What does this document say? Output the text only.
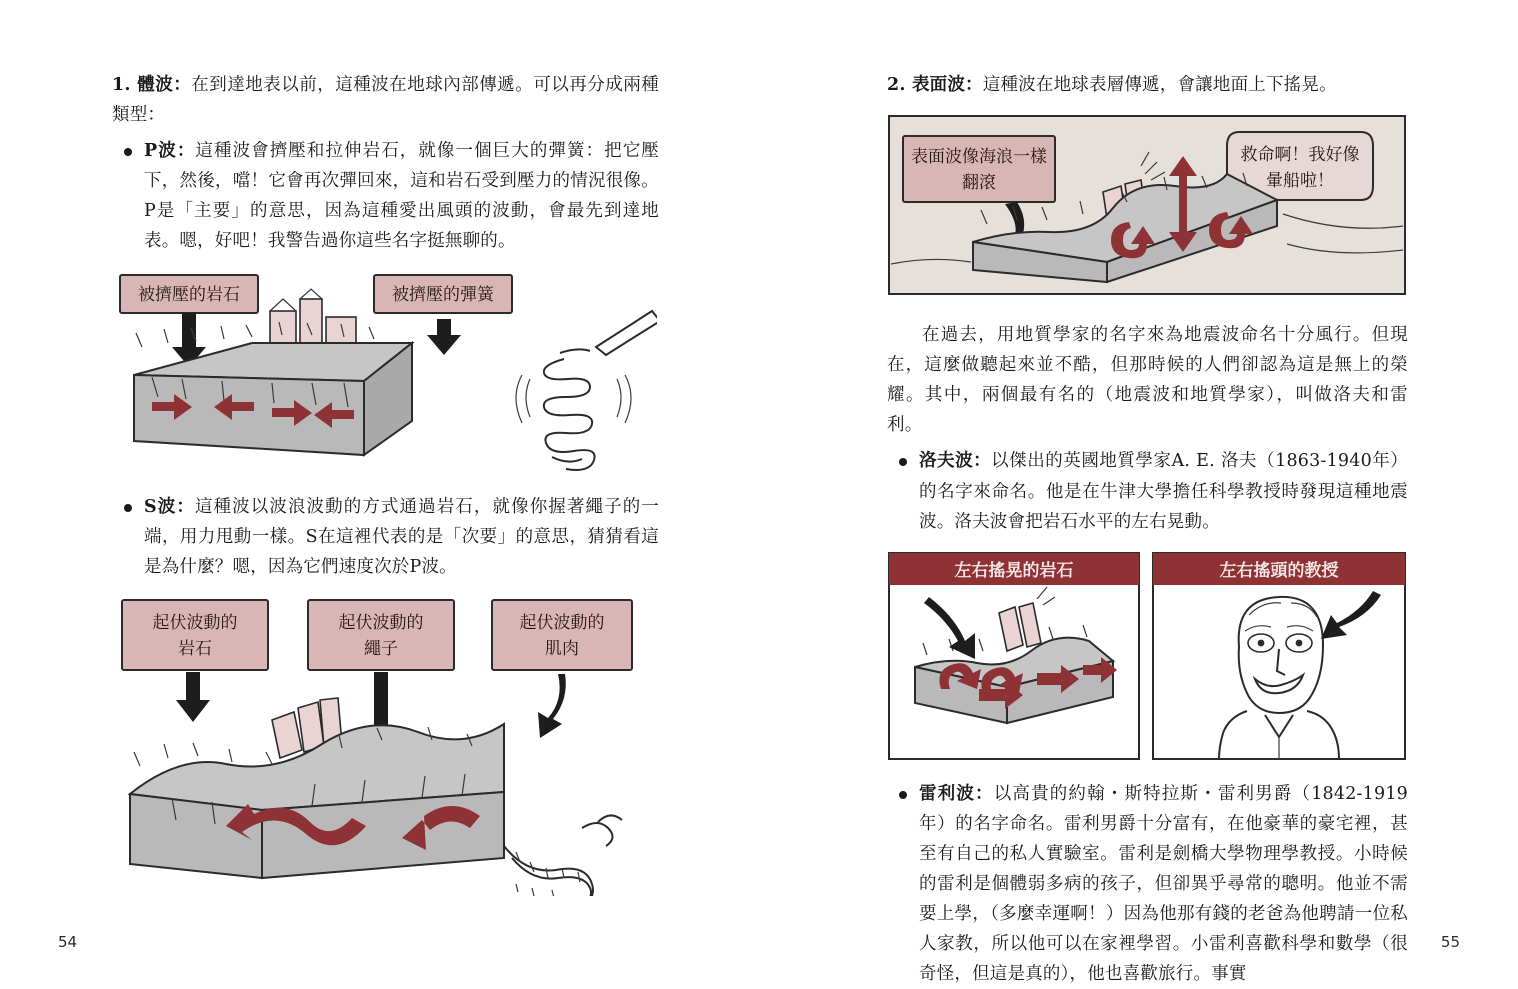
1. 體波：在到達地表以前，這種波在地球內部傳遞。可以再分成兩種類型：

P波：這種波會擠壓和拉伸岩石，就像一個巨大的彈簧：把它壓下，然後，噹！它會再次彈回來，這和岩石受到壓力的情況很像。P是「主要」的意思，因為這種愛出風頭的波動，會最先到達地表。嗯，好吧！我警告過你這些名字挺無聊的。

被擠壓的岩石	被擠壓的彈簧

S波：這種波以波浪波動的方式通過岩石，就像你握著繩子的一端，用力甩動一樣。S在這裡代表的是「次要」的意思，猜猜看這是為什麼？嗯，因為它們速度次於P波。

起伏波動的
岩石
起伏波動的
繩子
起伏波動的
肌肉
54

2. 表面波：這種波在地球表層傳遞，會讓地面上下搖晃。

表面波像海浪一樣
翻滾
救命啊！我好像
暈船啦！

在過去，用地質學家的名字來為地震波命名十分風行。但現在，這麼做聽起來並不酷，但那時候的人們卻認為這是無上的榮耀。其中，兩個最有名的（地震波和地質學家），叫做洛夫和雷利。

洛夫波：以傑出的英國地質學家A. E. 洛夫（1863-1940年）的名字來命名。他是在牛津大學擔任科學教授時發現這種地震波。洛夫波會把岩石水平的左右晃動。

左右搖晃的岩石	左右搖頭的教授

雷利波：以高貴的約翰・斯特拉斯・雷利男爵（1842-1919年）的名字命名。雷利男爵十分富有，在他豪華的豪宅裡，甚至有自己的私人實驗室。雷利是劍橋大學物理學教授。小時候的雷利是個體弱多病的孩子，但卻異乎尋常的聰明。他並不需要上學，（多麼幸運啊！）因為他那有錢的老爸為他聘請一位私人家教，所以他可以在家裡學習。小雷利喜歡科學和數學（很奇怪，但這是真的），他也喜歡旅行。事實

55
